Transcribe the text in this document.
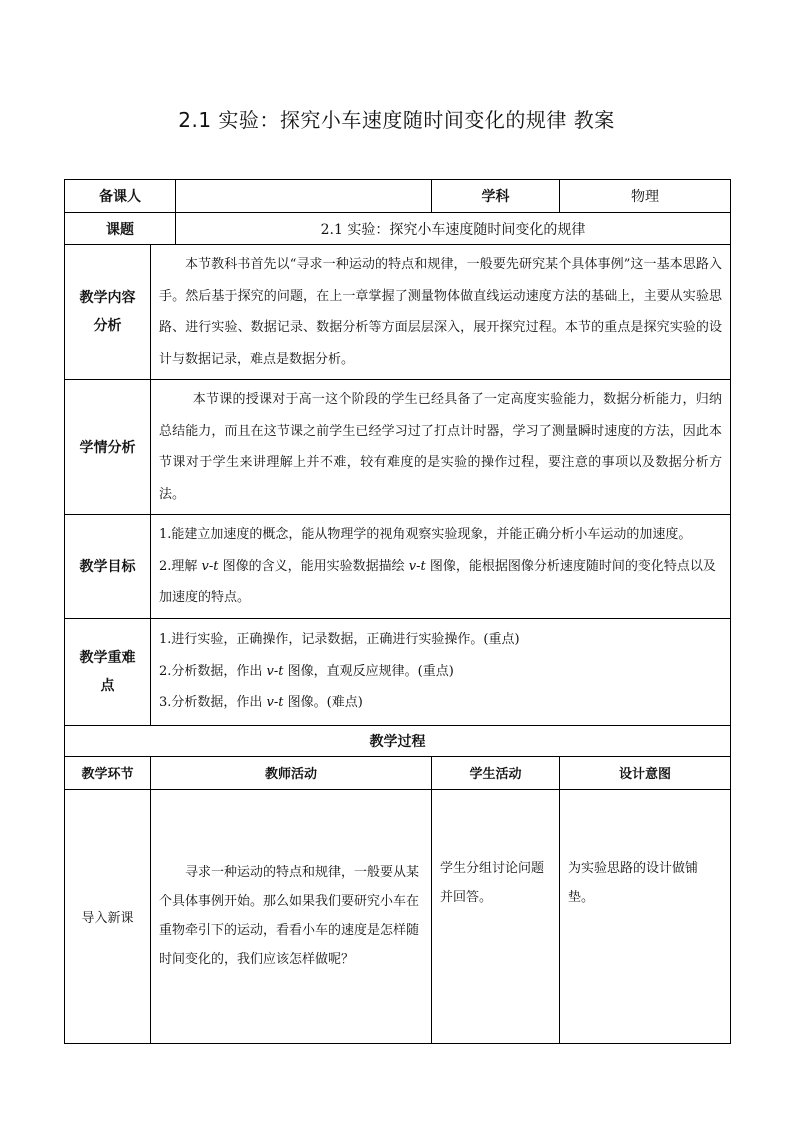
2.1 实验：探究小车速度随时间变化的规律 教案
备课人			学科	物理
课题		2.1 实验：探究小车速度随时间变化的规律		

教学内容
分析	本节教科书首先以“寻求一种运动的特点和规律，一般要先研究某个具体事例”这一基本思路入手。然后基于探究的问题，在上一章掌握了测量物体做直线运动速度方法的基础上，主要从实验思路、进行实验、数据记录、数据分析等方面层层深入，展开探究过程。本节的重点是探究实验的设计与数据记录，难点是数据分析。			
学情分析	本节课的授课对于高一这个阶段的学生已经具备了一定高度实验能力，数据分析能力，归纳总结能力，而且在这节课之前学生已经学习过了打点计时器，学习了测量瞬时速度的方法，因此本节课对于学生来讲理解上并不难，较有难度的是实验的操作过程，要注意的事项以及数据分析方法。			
教学目标	1.能建立加速度的概念，能从物理学的视角观察实验现象，并能正确分析小车运动的加速度。
2.理解 v-t 图像的含义，能用实验数据描绘 v-t 图像，能根据图像分析速度随时间的变化特点以及加速度的特点。			

教学重难
点	1.进行实验，正确操作，记录数据，正确进行实验操作。(重点)
2.分析数据，作出 v-t 图像，直观反应规律。(重点)
3.分析数据，作出 v-t 图像。(难点)			

教学过程				
教学环节	教师活动		学生活动	设计意图
导入新课	寻求一种运动的特点和规律，一般要从某个具体事例开始。那么如果我们要研究小车在重物牵引下的运动，看看小车的速度是怎样随时间变化的，我们应该怎样做呢？		学生分组讨论问题并回答。	为实验思路的设计做铺垫。
